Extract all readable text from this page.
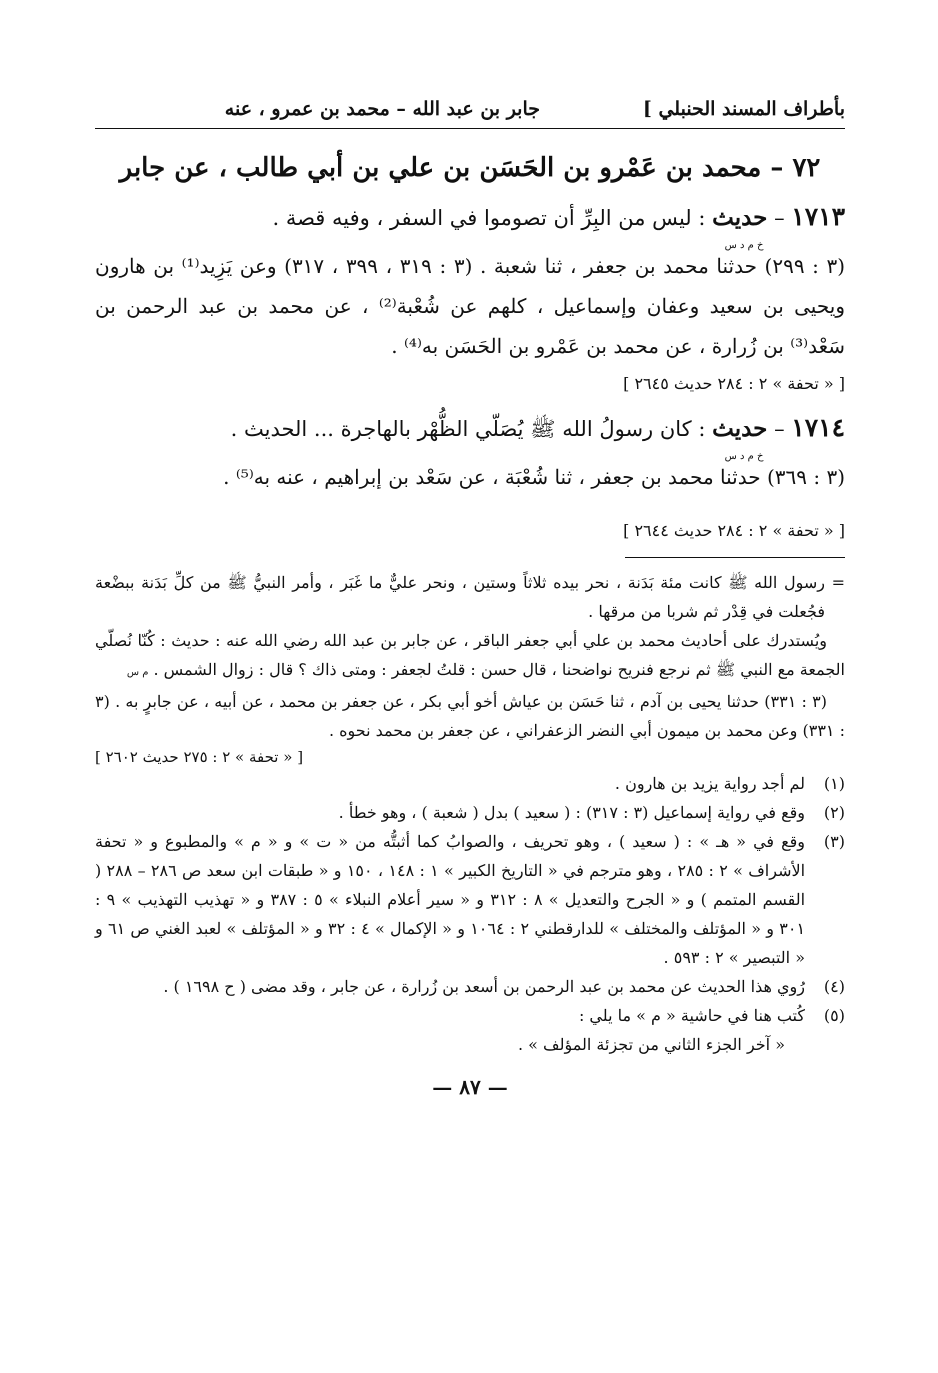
بأطراف المسند الحنبلي ]
جابر بن عبد الله – محمد بن عمرو ، عنه
٧٢ – محمد بن عَمْرو بن الحَسَن بن علي بن أبي طالب ، عن جابر
١٧١٣ – حديث
خ م د س
: ليس من البِرِّ أن تصوموا في السفر ، وفيه قصة .
(٣ : ٢٩٩) حدثنا محمد بن جعفر ، ثنا شعبة . (٣ : ٣١٩ ، ٣٩٩ ، ٣١٧) وعن يَزِيد⁽¹⁾ بن هارون ويحيى بن سعيد وعفان وإسماعيل ، كلهم عن شُعْبة⁽²⁾ ، عن محمد بن عبد الرحمن بن سَعْد⁽³⁾ بن زُرارة ، عن محمد بن عَمْرو بن الحَسَن به⁽⁴⁾ .
[ « تحفة » ٢ : ٢٨٤ حديث ٢٦٤٥ ]
١٧١٤ – حديث
خ م د س
: كان رسولُ الله ﷺ يُصَلّي الظُّهْر بالهاجرة ... الحديث .
(٣ : ٣٦٩) حدثنا محمد بن جعفر ، ثنا شُعْبَة ، عن سَعْد بن إبراهيم ، عنه به⁽⁵⁾ .
[ « تحفة » ٢ : ٢٨٤ حديث ٢٦٤٤ ]
=
رسول الله ﷺ كانت مئة بَدَنة ، نحر بيده ثلاثاً وستين ، ونحر عليٌّ ما غَبَر ، وأمر النبيُّ ﷺ من كلِّ بَدَنة ببضْعة فجُعلت في قِدْر ثم شربا من مرقها .
ويُستدرك على أحاديث محمد بن علي أبي جعفر الباقر ، عن جابر بن عبد الله رضي الله عنه : حديث : كُنّا نُصلّي الجمعة مع النبي ﷺ ثم نرجع فنريح نواضحنا ، قال حسن : قلتُ لجعفر : ومتى ذاك ؟ قال : زوال الشمس . م س
(٣ : ٣٣١) حدثنا يحيى بن آدم ، ثنا حَسَن بن عياش أخو أبي بكر ، عن جعفر بن محمد ، عن أبيه ، عن جابرٍ به . (٣ : ٣٣١) وعن محمد بن ميمون أبي النضر الزعفراني ، عن جعفر بن محمد نحوه .
[ « تحفة » ٢ : ٢٧٥ حديث ٢٦٠٢ ]
(١)
لم أجد رواية يزيد بن هارون .
(٢)
وقع في رواية إسماعيل (٣ : ٣١٧) : ( سعيد ) بدل ( شعبة ) ، وهو خطأ .
(٣)
وقع في « هـ » : ( سعيد ) ، وهو تحريف ، والصوابُ كما أثبتُّه من « ت » و « م » والمطبوع و « تحفة الأشراف » ٢ : ٢٨٥ ، وهو مترجم في « التاريخ الكبير » ١ : ١٤٨ ، ١٥٠ و « طبقات ابن سعد ص ٢٨٦ – ٢٨٨ ( القسم المتمم ) و « الجرح والتعديل » ٨ : ٣١٢ و « سير أعلام النبلاء » ٥ : ٣٨٧ و « تهذيب التهذيب » ٩ : ٣٠١ و « المؤتلف والمختلف » للدارقطني ٢ : ١٠٦٤ و « الإكمال » ٤ : ٣٢ و « المؤتلف » لعبد الغني ص ٦١ و « التبصير » ٢ : ٥٩٣ .
(٤)
رُوي هذا الحديث عن محمد بن عبد الرحمن بن أسعد بن زُرارة ، عن جابر ، وقد مضى ( ح ١٦٩٨ ) .
(٥)
كُتب هنا في حاشية « م » ما يلي :
« آخر الجزء الثاني من تجزئة المؤلف » .
— ٨٧ —
